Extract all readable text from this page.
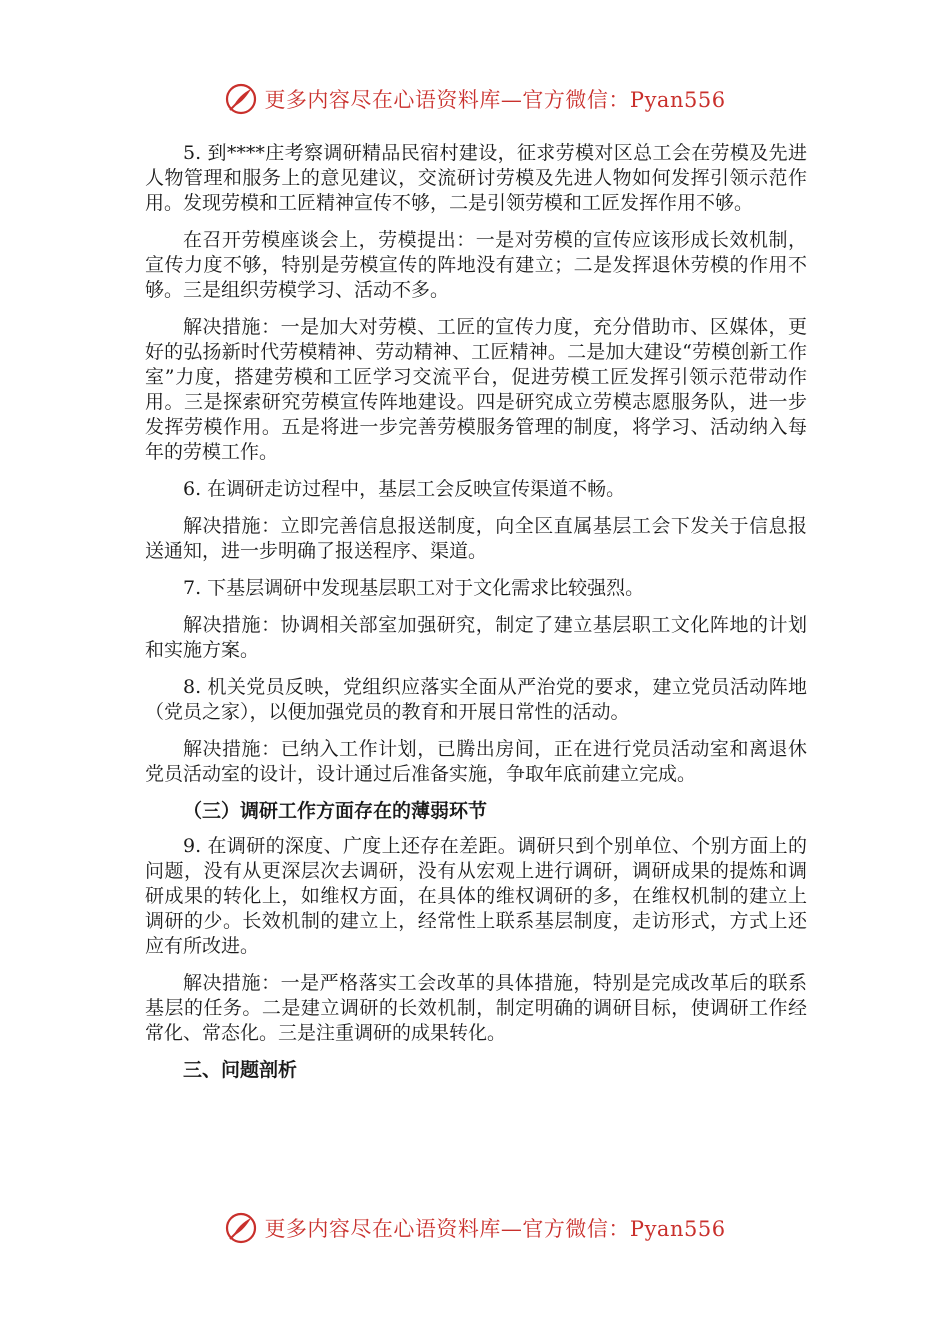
更多内容尽在心语资料库—官方微信：Pyan556

5. 到****庄考察调研精品民宿村建设，征求劳模对区总工会在劳模及先进人物管理和服务上的意见建议，交流研讨劳模及先进人物如何发挥引领示范作用。发现劳模和工匠精神宣传不够，二是引领劳模和工匠发挥作用不够。

在召开劳模座谈会上，劳模提出：一是对劳模的宣传应该形成长效机制，宣传力度不够，特别是劳模宣传的阵地没有建立；二是发挥退休劳模的作用不够。三是组织劳模学习、活动不多。

解决措施：一是加大对劳模、工匠的宣传力度，充分借助市、区媒体，更好的弘扬新时代劳模精神、劳动精神、工匠精神。二是加大建设“劳模创新工作室”力度，搭建劳模和工匠学习交流平台，促进劳模工匠发挥引领示范带动作用。三是探索研究劳模宣传阵地建设。四是研究成立劳模志愿服务队，进一步发挥劳模作用。五是将进一步完善劳模服务管理的制度，将学习、活动纳入每年的劳模工作。

6. 在调研走访过程中，基层工会反映宣传渠道不畅。

解决措施：立即完善信息报送制度，向全区直属基层工会下发关于信息报送通知，进一步明确了报送程序、渠道。

7. 下基层调研中发现基层职工对于文化需求比较强烈。

解决措施：协调相关部室加强研究，制定了建立基层职工文化阵地的计划和实施方案。

8. 机关党员反映，党组织应落实全面从严治党的要求，建立党员活动阵地（党员之家），以便加强党员的教育和开展日常性的活动。

解决措施：已纳入工作计划，已腾出房间，正在进行党员活动室和离退休党员活动室的设计，设计通过后准备实施，争取年底前建立完成。

（三）调研工作方面存在的薄弱环节

9. 在调研的深度、广度上还存在差距。调研只到个别单位、个别方面上的问题，没有从更深层次去调研，没有从宏观上进行调研，调研成果的提炼和调研成果的转化上，如维权方面，在具体的维权调研的多，在维权机制的建立上调研的少。长效机制的建立上，经常性上联系基层制度，走访形式，方式上还应有所改进。

解决措施：一是严格落实工会改革的具体措施，特别是完成改革后的联系基层的任务。二是建立调研的长效机制，制定明确的调研目标，使调研工作经常化、常态化。三是注重调研的成果转化。

三、问题剖析

更多内容尽在心语资料库—官方微信：Pyan556
